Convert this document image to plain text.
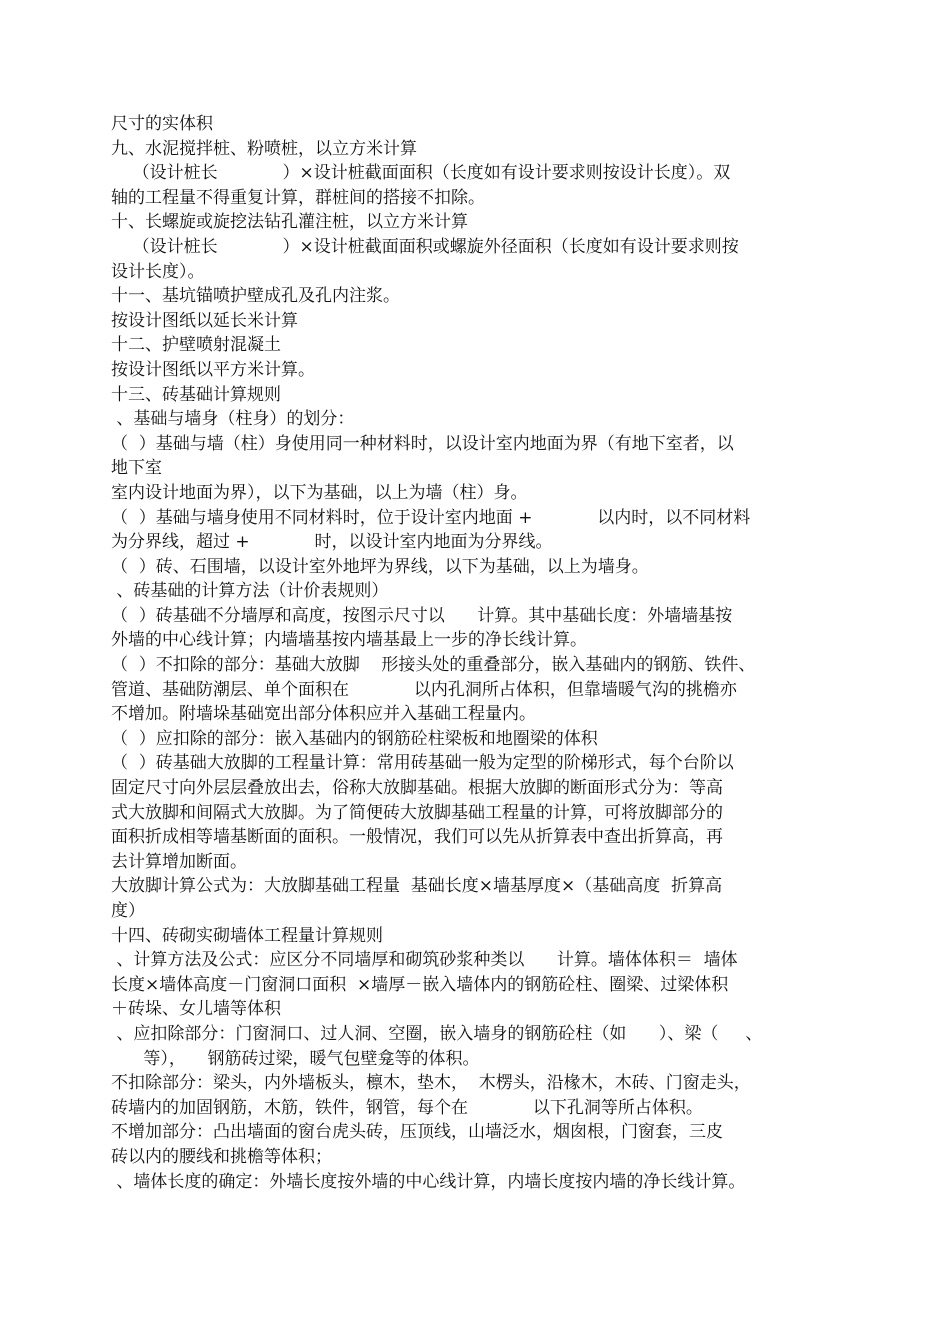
尺寸的实体积
九、水泥搅拌桩、粉喷桩，以立方米计算
（设计桩长            ）×设计桩截面面积（长度如有设计要求则按设计长度）。双
轴的工程量不得重复计算，群桩间的搭接不扣除。
十、长螺旋或旋挖法钻孔灌注桩，以立方米计算
（设计桩长            ）×设计桩截面面积或螺旋外径面积（长度如有设计要求则按
设计长度）。
十一、基坑锚喷护壁成孔及孔内注浆。
按设计图纸以延长米计算
十二、护壁喷射混凝土
按设计图纸以平方米计算。
十三、砖基础计算规则
、基础与墙身（柱身）的划分：
（  ）基础与墙（柱）身使用同一种材料时，以设计室内地面为界（有地下室者，以
地下室
室内设计地面为界），以下为基础，以上为墙（柱）身。
（  ）基础与墙身使用不同材料时，位于设计室内地面 +            以内时，以不同材料
为分界线，超过 +            时，以设计室内地面为分界线。
（  ）砖、石围墙，以设计室外地坪为界线，以下为基础，以上为墙身。
、砖基础的计算方法（计价表规则）
（  ）砖基础不分墙厚和高度，按图示尺寸以      计算。其中基础长度：外墙墙基按
外墙的中心线计算；内墙墙基按内墙基最上一步的净长线计算。
（  ）不扣除的部分：基础大放脚    形接头处的重叠部分，嵌入基础内的钢筋、铁件、
管道、基础防潮层、单个面积在            以内孔洞所占体积，但靠墙暖气沟的挑檐亦
不增加。附墙垛基础宽出部分体积应并入基础工程量内。
（  ）应扣除的部分：嵌入基础内的钢筋砼柱梁板和地圈梁的体积
（  ）砖基础大放脚的工程量计算：常用砖基础一般为定型的阶梯形式，每个台阶以
固定尺寸向外层层叠放出去，俗称大放脚基础。根据大放脚的断面形式分为：等高
式大放脚和间隔式大放脚。为了简便砖大放脚基础工程量的计算，可将放脚部分的
面积折成相等墙基断面的面积。一般情况，我们可以先从折算表中查出折算高，再
去计算增加断面。
大放脚计算公式为：大放脚基础工程量  基础长度×墙基厚度×（基础高度  折算高
度）
十四、砖砌实砌墙体工程量计算规则
、计算方法及公式：应区分不同墙厚和砌筑砂浆种类以      计算。墙体体积＝  墙体
长度×墙体高度－门窗洞口面积  ×墙厚－嵌入墙体内的钢筋砼柱、圈梁、过梁体积
＋砖垛、女儿墙等体积
、应扣除部分：门窗洞口、过人洞、空圈，嵌入墙身的钢筋砼柱（如      ）、梁（     、
等），    钢筋砖过梁，暖气包壁龛等的体积。
不扣除部分：梁头，内外墙板头，檩木，垫木，  木楞头，沿椽木，木砖、门窗走头，
砖墙内的加固钢筋，木筋，铁件，钢管，每个在            以下孔洞等所占体积。
不增加部分：凸出墙面的窗台虎头砖，压顶线，山墙泛水，烟囱根，门窗套，三皮
砖以内的腰线和挑檐等体积；
、墙体长度的确定：外墙长度按外墙的中心线计算，内墙长度按内墙的净长线计算。
